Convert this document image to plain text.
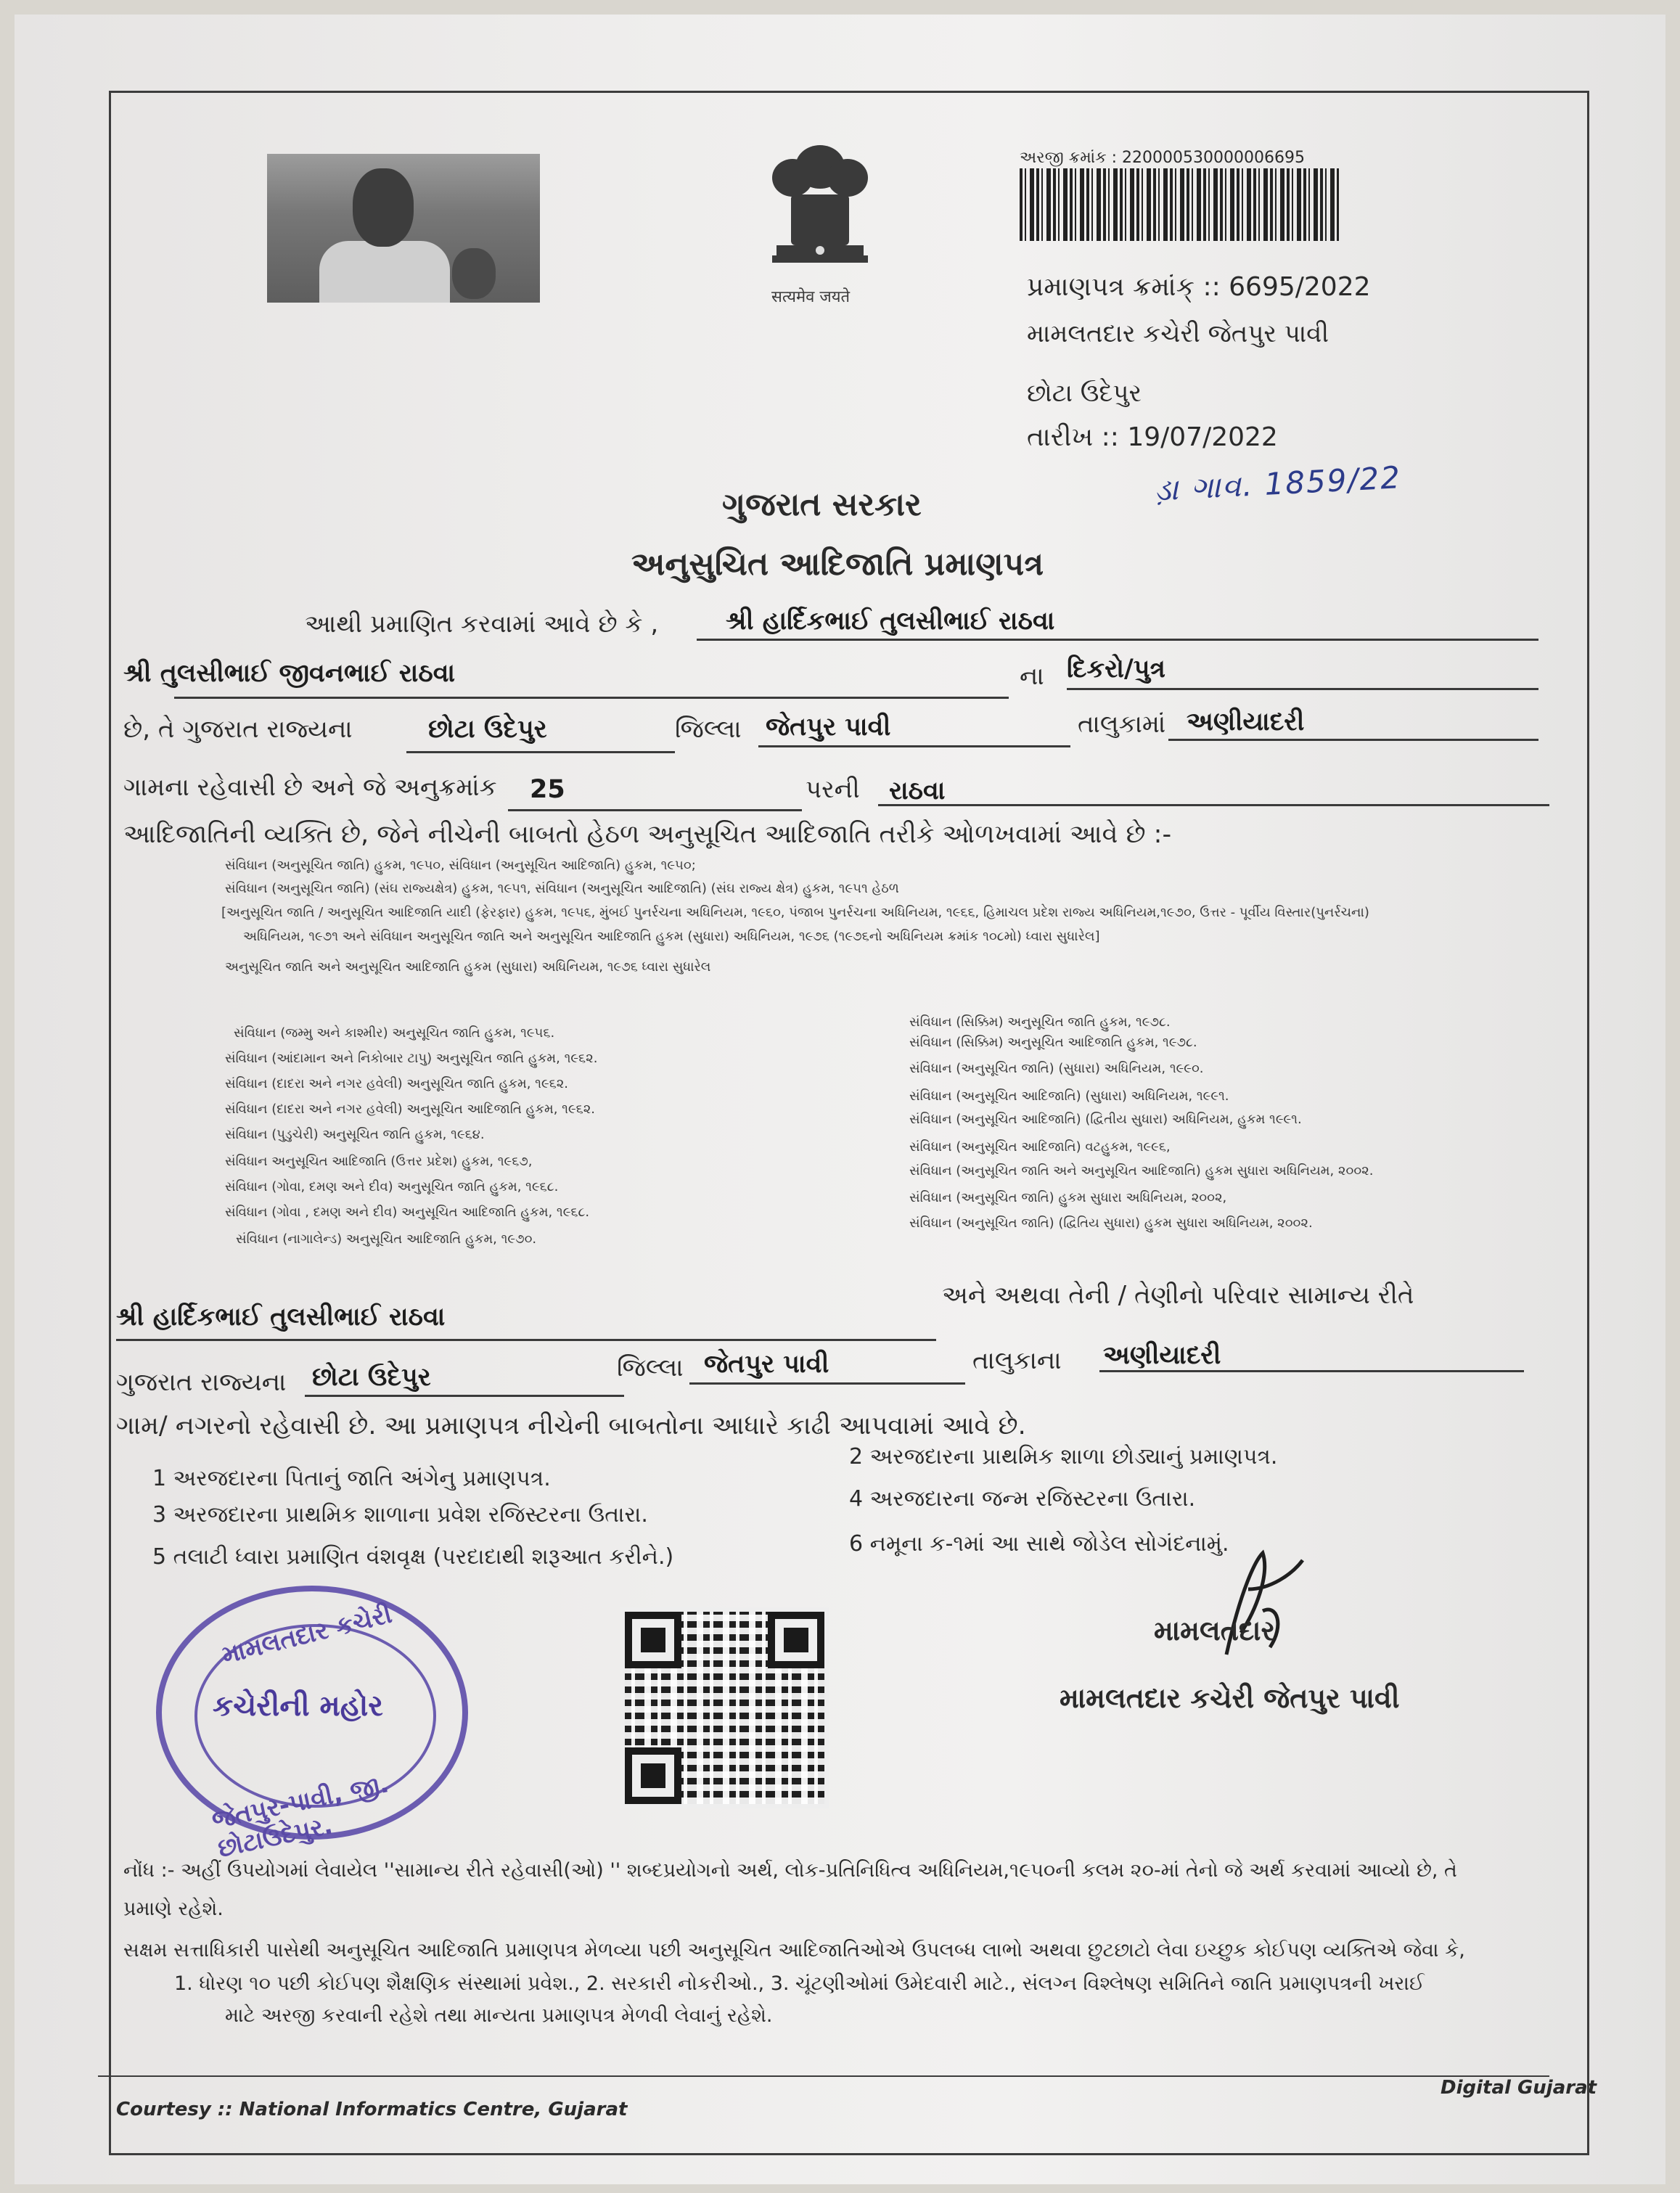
सत्यमेव जयते
અરજી ક્રમાંક : 220000530000006695
પ્રમાણપત્ર ક્રમાંક્ :: 6695/2022
મામલતદાર કચેરી જેતપુર પાવી
છોટા ઉદેપુર
તારીખ :: 19/07/2022
ડ઼ા ગાવ. 1859/22
ગુજરાત સરકાર
અનુસુચિત આદિજાતિ પ્રમાણપત્ર
આથી પ્રમાણિત કરવામાં આવે છે કે ,	શ્રી હાર્દિકભાઈ તુલસીભાઈ રાઠવા
શ્રી તુલસીભાઈ જીવનભાઈ રાઠવા	ના દિકરો/પુત્ર
છે, તે ગુજરાત રાજ્યના	છોટા ઉદેપુર	જિલ્લા જેતપુર પાવી	તાલુકામાં અણીયાદરી
ગામના રહેવાસી છે અને જે અનુક્રમાંક 25	પરની રાઠવા
આદિજાતિની વ્યક્તિ છે, જેને નીચેની બાબતો હેઠળ અનુસૂચિત આદિજાતિ તરીકે ઓળખવામાં આવે છે :-
સંવિધાન (અનુસૂચિત જાતિ) હુકમ, ૧૯૫૦, સંવિધાન (અનુસૂચિત આદિજાતિ) હુકમ, ૧૯૫૦;
સંવિધાન (અનુસૂચિત જાતિ) (સંઘ રાજ્યક્ષેત્ર) હુકમ, ૧૯૫૧, સંવિધાન (અનુસૂચિત આદિજાતિ) (સંઘ રાજ્ય ક્ષેત્ર) હુકમ, ૧૯૫૧ હેઠળ
[અનુસૂચિત જાતિ / અનુસૂચિત આદિજાતિ યાદી (ફેરફાર) હુકમ, ૧૯૫૬, મુંબઈ પુનર્રચના અધિનિયમ, ૧૯૬૦, પંજાબ પુનર્રચના અધિનિયમ, ૧૯૬૬, હિમાચલ પ્રદેશ રાજ્ય અધિનિયમ,૧૯૭૦, ઉત્તર - પૂર્વીય વિસ્તાર(પુનર્રચના)
અધિનિયમ, ૧૯૭૧ અને સંવિધાન અનુસૂચિત જાતિ અને અનુસૂચિત આદિજાતિ હુકમ (સુધારા) અધિનિયમ, ૧૯૭૬ (૧૯૭૬નો અધિનિયમ ક્રમાંક ૧૦૮મો) ધ્વારા સુધારેલ]
અનુસૂચિત જાતિ અને અનુસૂચિત આદિજાતિ હુકમ (સુધારા) અધિનિયમ, ૧૯૭૬ ધ્વારા સુધારેલ
સંવિધાન (જમ્મુ અને કાશ્મીર) અનુસૂચિત જાતિ હુકમ, ૧૯૫૬.
સંવિધાન (આંદામાન અને નિકોબાર ટાપુ) અનુસૂચિત જાતિ હુકમ, ૧૯૬૨.
સંવિધાન (દાદરા અને નગર હવેલી) અનુસૂચિત જાતિ હુકમ, ૧૯૬૨.
સંવિધાન (દાદરા અને નગર હવેલી) અનુસૂચિત આદિજાતિ હુકમ, ૧૯૬૨.
સંવિધાન (પુડુચેરી) અનુસૂચિત જાતિ હુકમ, ૧૯૬૪.
સંવિધાન અનુસૂચિત આદિજાતિ (ઉત્તર પ્રદેશ) હુકમ, ૧૯૬૭,
સંવિધાન (ગોવા, દમણ અને દીવ) અનુસૂચિત જાતિ હુકમ, ૧૯૬૮.
સંવિધાન (ગોવા , દમણ અને દીવ) અનુસૂચિત આદિજાતિ હુકમ, ૧૯૬૮.
સંવિધાન (નાગાલેન્ડ) અનુસૂચિત આદિજાતિ હુકમ, ૧૯૭૦.
સંવિધાન (સિક્કિમ) અનુસૂચિત જાતિ હુકમ, ૧૯૭૮.
સંવિધાન (સિક્કિમ) અનુસૂચિત આદિજાતિ હુકમ, ૧૯૭૮.
સંવિધાન (અનુસૂચિત જાતિ) (સુધારા) અધિનિયમ, ૧૯૯૦.
સંવિધાન (અનુસૂચિત આદિજાતિ) (સુધારા) અધિનિયમ, ૧૯૯૧.
સંવિધાન (અનુસૂચિત આદિજાતિ) (દ્વિતીય સુધારા) અધિનિયમ, હુકમ ૧૯૯૧.
સંવિધાન (અનુસૂચિત આદિજાતિ) વટહુકમ, ૧૯૯૬,
સંવિધાન (અનુસૂચિત જાતિ અને અનુસૂચિત આદિજાતિ) હુકમ સુધારા અધિનિયમ, ૨૦૦૨.
સંવિધાન (અનુસૂચિત જાતિ) હુકમ સુધારા અધિનિયમ, ૨૦૦૨,
સંવિધાન (અનુસૂચિત જાતિ) (દ્વિતિય સુધારા) હુકમ સુધારા અધિનિયમ, ૨૦૦૨.
અને અથવા તેની / તેણીનો પરિવાર સામાન્ય રીતે
શ્રી હાર્દિકભાઈ તુલસીભાઈ રાઠવા
ગુજરાત રાજ્યના છોટા ઉદેપુર	જિલ્લા જેતપુર પાવી	તાલુકાના અણીયાદરી
ગામ/ નગરનો રહેવાસી છે. આ પ્રમાણપત્ર નીચેની બાબતોના આધારે કાઢી આપવામાં આવે છે.
1 અરજદારના પિતાનું જાતિ અંગેનુ પ્રમાણપત્ર.
2 અરજદારના પ્રાથમિક શાળા છોડ્યાનું પ્રમાણપત્ર.
3 અરજદારના પ્રાથમિક શાળાના પ્રવેશ રજિસ્ટરના ઉતારા.
4 અરજદારના જન્મ રજિસ્ટરના ઉતારા.
5 તલાટી ધ્વારા પ્રમાણિત વંશવૃક્ષ (પરદાદાથી શરૂઆત કરીને.)
6 નમૂના ક-૧માં આ સાથે જોડેલ સોગંદનામું.
મામલતદાર કચેરી
કચેરીની મહોર
જેતપુર-પાવી, જી. છોટાઉદેપુર.
મામલતદાર
મામલતદાર કચેરી જેતપુર પાવી
નોંધ :- અહીં ઉપયોગમાં લેવાયેલ ''સામાન્ય રીતે રહેવાસી(ઓ) '' શબ્દપ્રયોગનો અર્થ, લોક-પ્રતિનિધિત્વ અધિનિયમ,૧૯૫૦ની કલમ ૨૦-માં તેનો જે અર્થ કરવામાં આવ્યો છે, તે
પ્રમાણે રહેશે.
સક્ષમ સત્તાધિકારી પાસેથી અનુસૂચિત આદિજાતિ પ્રમાણપત્ર મેળવ્યા પછી અનુસૂચિત આદિજાતિઓએ ઉપલબ્ધ લાભો અથવા છુટછાટો લેવા ઇચ્છુક કોઈપણ વ્યક્તિએ જેવા કે,
1. ધોરણ ૧૦ પછી કોઈપણ શૈક્ષણિક સંસ્થામાં પ્રવેશ., 2. સરકારી નોકરીઓ., 3. ચૂંટણીઓમાં ઉમેદવારી માટે., સંલગ્ન વિશ્લેષણ સમિતિને જાતિ પ્રમાણપત્રની ખરાઈ
માટે અરજી કરવાની રહેશે તથા માન્યતા પ્રમાણપત્ર મેળવી લેવાનું રહેશે.
Courtesy :: National Informatics Centre, Gujarat
Digital Gujarat
